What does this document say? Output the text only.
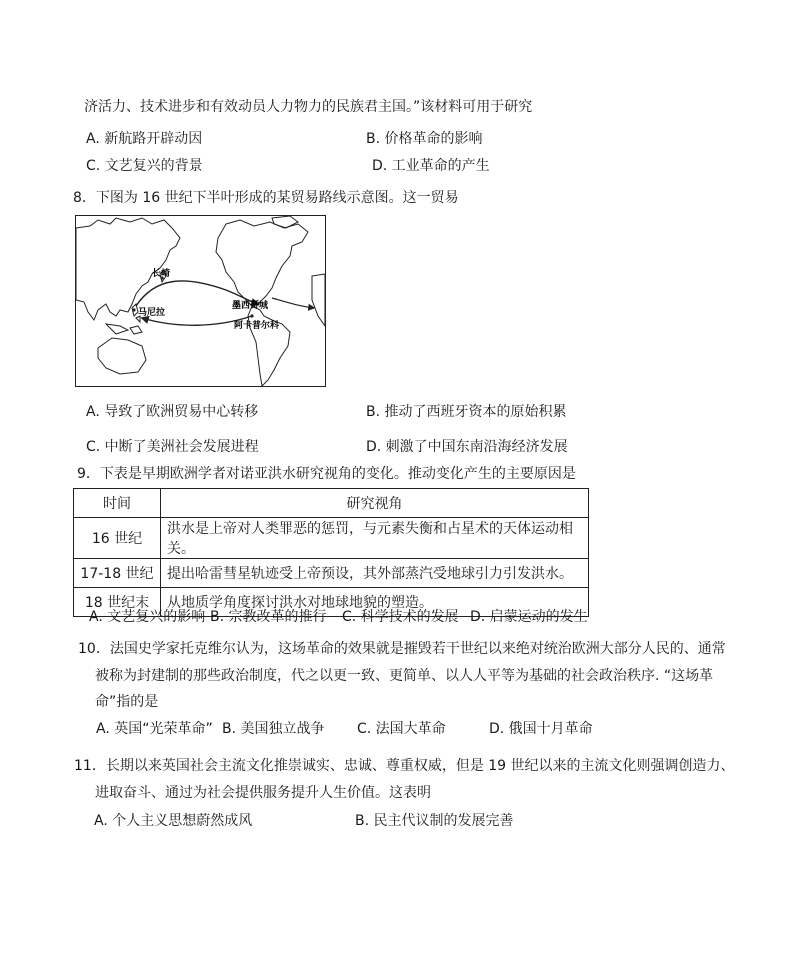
济活力、技术进步和有效动员人力物力的民族君主国。”该材料可用于研究
A. 新航路开辟动因	B. 价格革命的影响
C. 文艺复兴的背景	D. 工业革命的产生
8．下图为 16 世纪下半叶形成的某贸易路线示意图。这一贸易
长崎
墨西哥城
马尼拉
阿卡普尔科
A. 导致了欧洲贸易中心转移	B. 推动了西班牙资本的原始积累
C. 中断了美洲社会发展进程	D. 刺激了中国东南沿海经济发展
9．下表是早期欧洲学者对诺亚洪水研究视角的变化。推动变化产生的主要原因是
时间	研究视角
16 世纪	洪水是上帝对人类罪恶的惩罚，与元素失衡和占星术的天体运动相关。
17-18 世纪	提出哈雷彗星轨迹受上帝预设，其外部蒸汽受地球引力引发洪水。
18 世纪末	从地质学角度探讨洪水对地球地貌的塑造。
A. 文艺复兴的影响 B. 宗教改革的推行 C. 科学技术的发展 D. 启蒙运动的发生
10．法国史学家托克维尔认为，这场革命的效果就是摧毁若干世纪以来绝对统治欧洲大部分人民的、通常
被称为封建制的那些政治制度，代之以更一致、更简单、以人人平等为基础的社会政治秩序. “这场革
命”指的是
A. 英国“光荣革命” B. 美国独立战争 C. 法国大革命	D. 俄国十月革命
11．长期以来英国社会主流文化推崇诚实、忠诚、尊重权威，但是 19 世纪以来的主流文化则强调创造力、
进取奋斗、通过为社会提供服务提升人生价值。这表明
A. 个人主义思想蔚然成风	B. 民主代议制的发展完善
